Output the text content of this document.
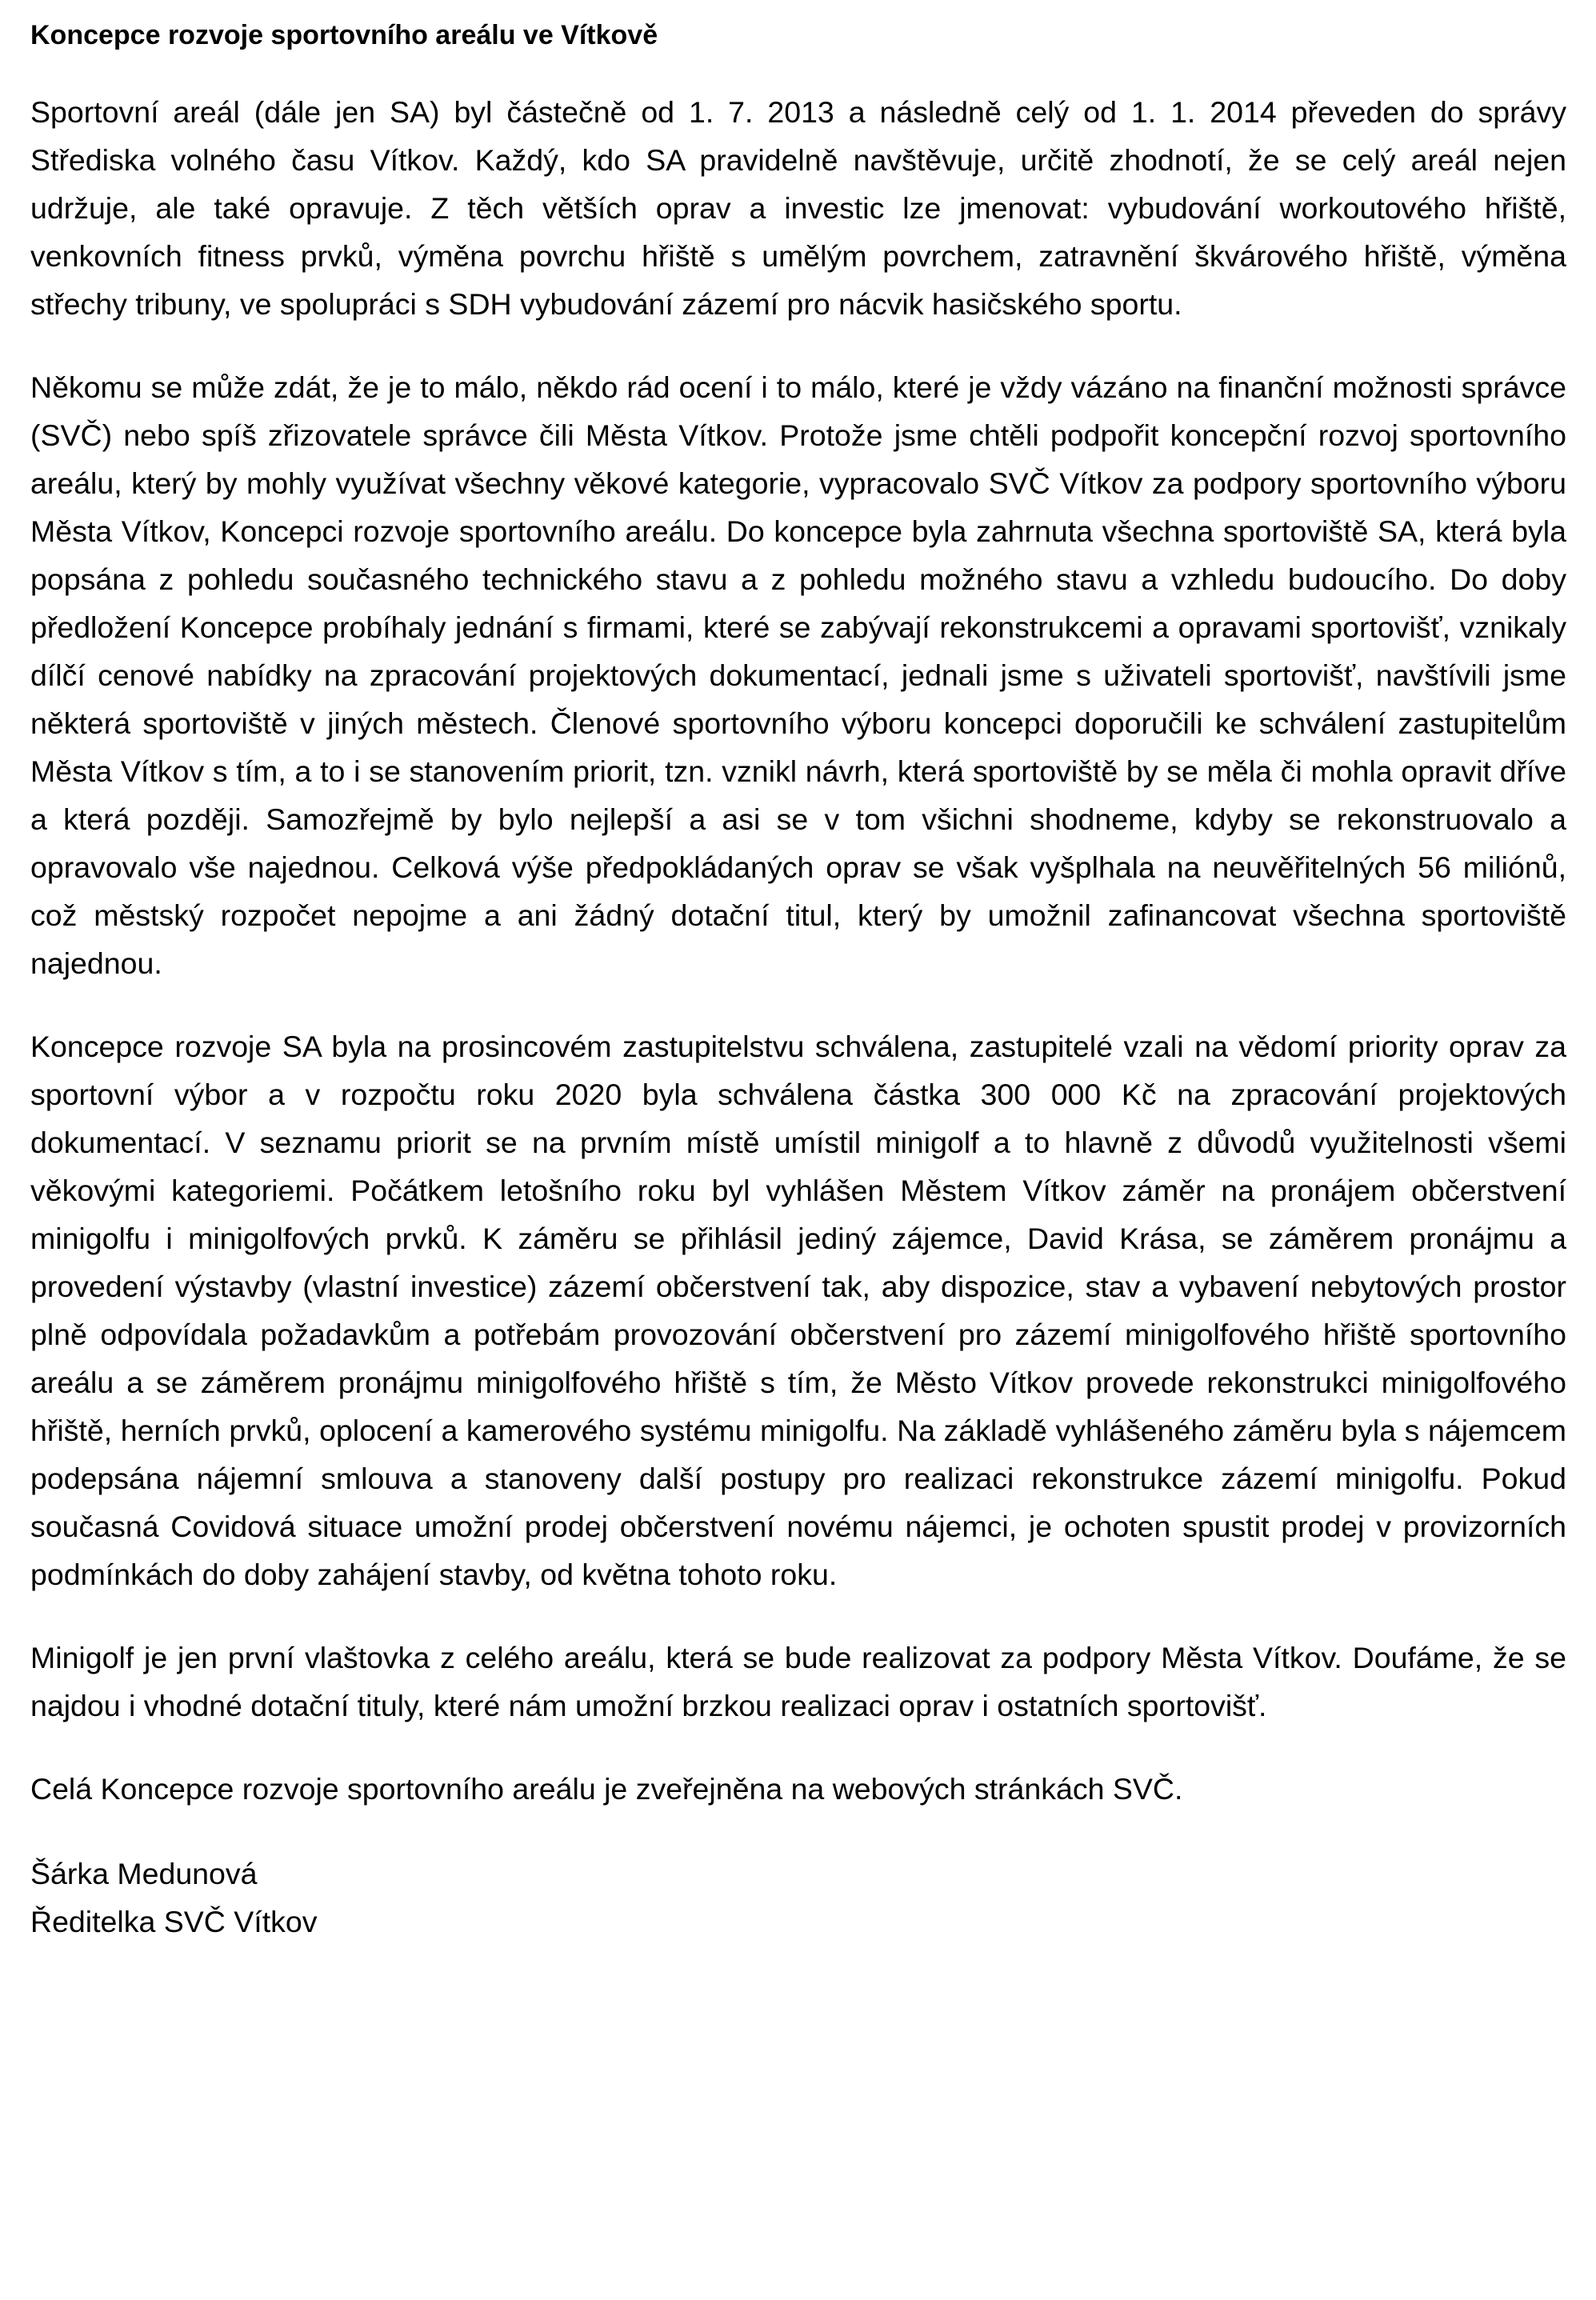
Koncepce rozvoje sportovního areálu ve Vítkově

Sportovní areál (dále jen SA) byl částečně od 1. 7. 2013 a následně celý od 1. 1. 2014 převeden do správy Střediska volného času Vítkov. Každý, kdo SA pravidelně navštěvuje, určitě zhodnotí, že se celý areál nejen udržuje, ale také opravuje. Z těch větších oprav a investic lze jmenovat: vybudování workoutového hřiště, venkovních fitness prvků, výměna povrchu hřiště s umělým povrchem, zatravnění škvárového hřiště, výměna střechy tribuny, ve spolupráci s SDH vybudování zázemí pro nácvik hasičského sportu.

Někomu se může zdát, že je to málo, někdo rád ocení i to málo, které je vždy vázáno na finanční možnosti správce (SVČ) nebo spíš zřizovatele správce čili Města Vítkov. Protože jsme chtěli podpořit koncepční rozvoj sportovního areálu, který by mohly využívat všechny věkové kategorie, vypracovalo SVČ Vítkov za podpory sportovního výboru Města Vítkov, Koncepci rozvoje sportovního areálu. Do koncepce byla zahrnuta všechna sportoviště SA, která byla popsána z pohledu současného technického stavu a z pohledu možného stavu a vzhledu budoucího. Do doby předložení Koncepce probíhaly jednání s firmami, které se zabývají rekonstrukcemi a opravami sportovišť, vznikaly dílčí cenové nabídky na zpracování projektových dokumentací, jednali jsme s uživateli sportovišť, navštívili jsme některá sportoviště v jiných městech. Členové sportovního výboru koncepci doporučili ke schválení zastupitelům Města Vítkov s tím, a to i se stanovením priorit, tzn. vznikl návrh, která sportoviště by se měla či mohla opravit dříve a která později. Samozřejmě by bylo nejlepší a asi se v tom všichni shodneme, kdyby se rekonstruovalo a opravovalo vše najednou. Celková výše předpokládaných oprav se však vyšplhala na neuvěřitelných 56 miliónů, což městský rozpočet nepojme a ani žádný dotační titul, který by umožnil zafinancovat všechna sportoviště najednou.

Koncepce rozvoje SA byla na prosincovém zastupitelstvu schválena, zastupitelé vzali na vědomí priority oprav za sportovní výbor a v rozpočtu roku 2020 byla schválena částka 300 000 Kč na zpracování projektových dokumentací. V seznamu priorit se na prvním místě umístil minigolf a to hlavně z důvodů využitelnosti všemi věkovými kategoriemi. Počátkem letošního roku byl vyhlášen Městem Vítkov záměr na pronájem občerstvení minigolfu i minigolfových prvků. K záměru se přihlásil jediný zájemce, David Krása, se záměrem pronájmu a provedení výstavby (vlastní investice) zázemí občerstvení tak, aby dispozice, stav a vybavení nebytových prostor plně odpovídala požadavkům a potřebám provozování občerstvení pro zázemí minigolfového hřiště sportovního areálu a se záměrem pronájmu minigolfového hřiště s tím, že Město Vítkov provede rekonstrukci minigolfového hřiště, herních prvků, oplocení a kamerového systému minigolfu. Na základě vyhlášeného záměru byla s nájemcem podepsána nájemní smlouva a stanoveny další postupy pro realizaci rekonstrukce zázemí minigolfu. Pokud současná Covidová situace umožní prodej občerstvení novému nájemci, je ochoten spustit prodej v provizorních podmínkách do doby zahájení stavby, od května tohoto roku.

Minigolf je jen první vlaštovka z celého areálu, která se bude realizovat za podpory Města Vítkov. Doufáme, že se najdou i vhodné dotační tituly, které nám umožní brzkou realizaci oprav i ostatních sportovišť.

Celá Koncepce rozvoje sportovního areálu je zveřejněna na webových stránkách SVČ.

Šárka Medunová
Ředitelka SVČ Vítkov
